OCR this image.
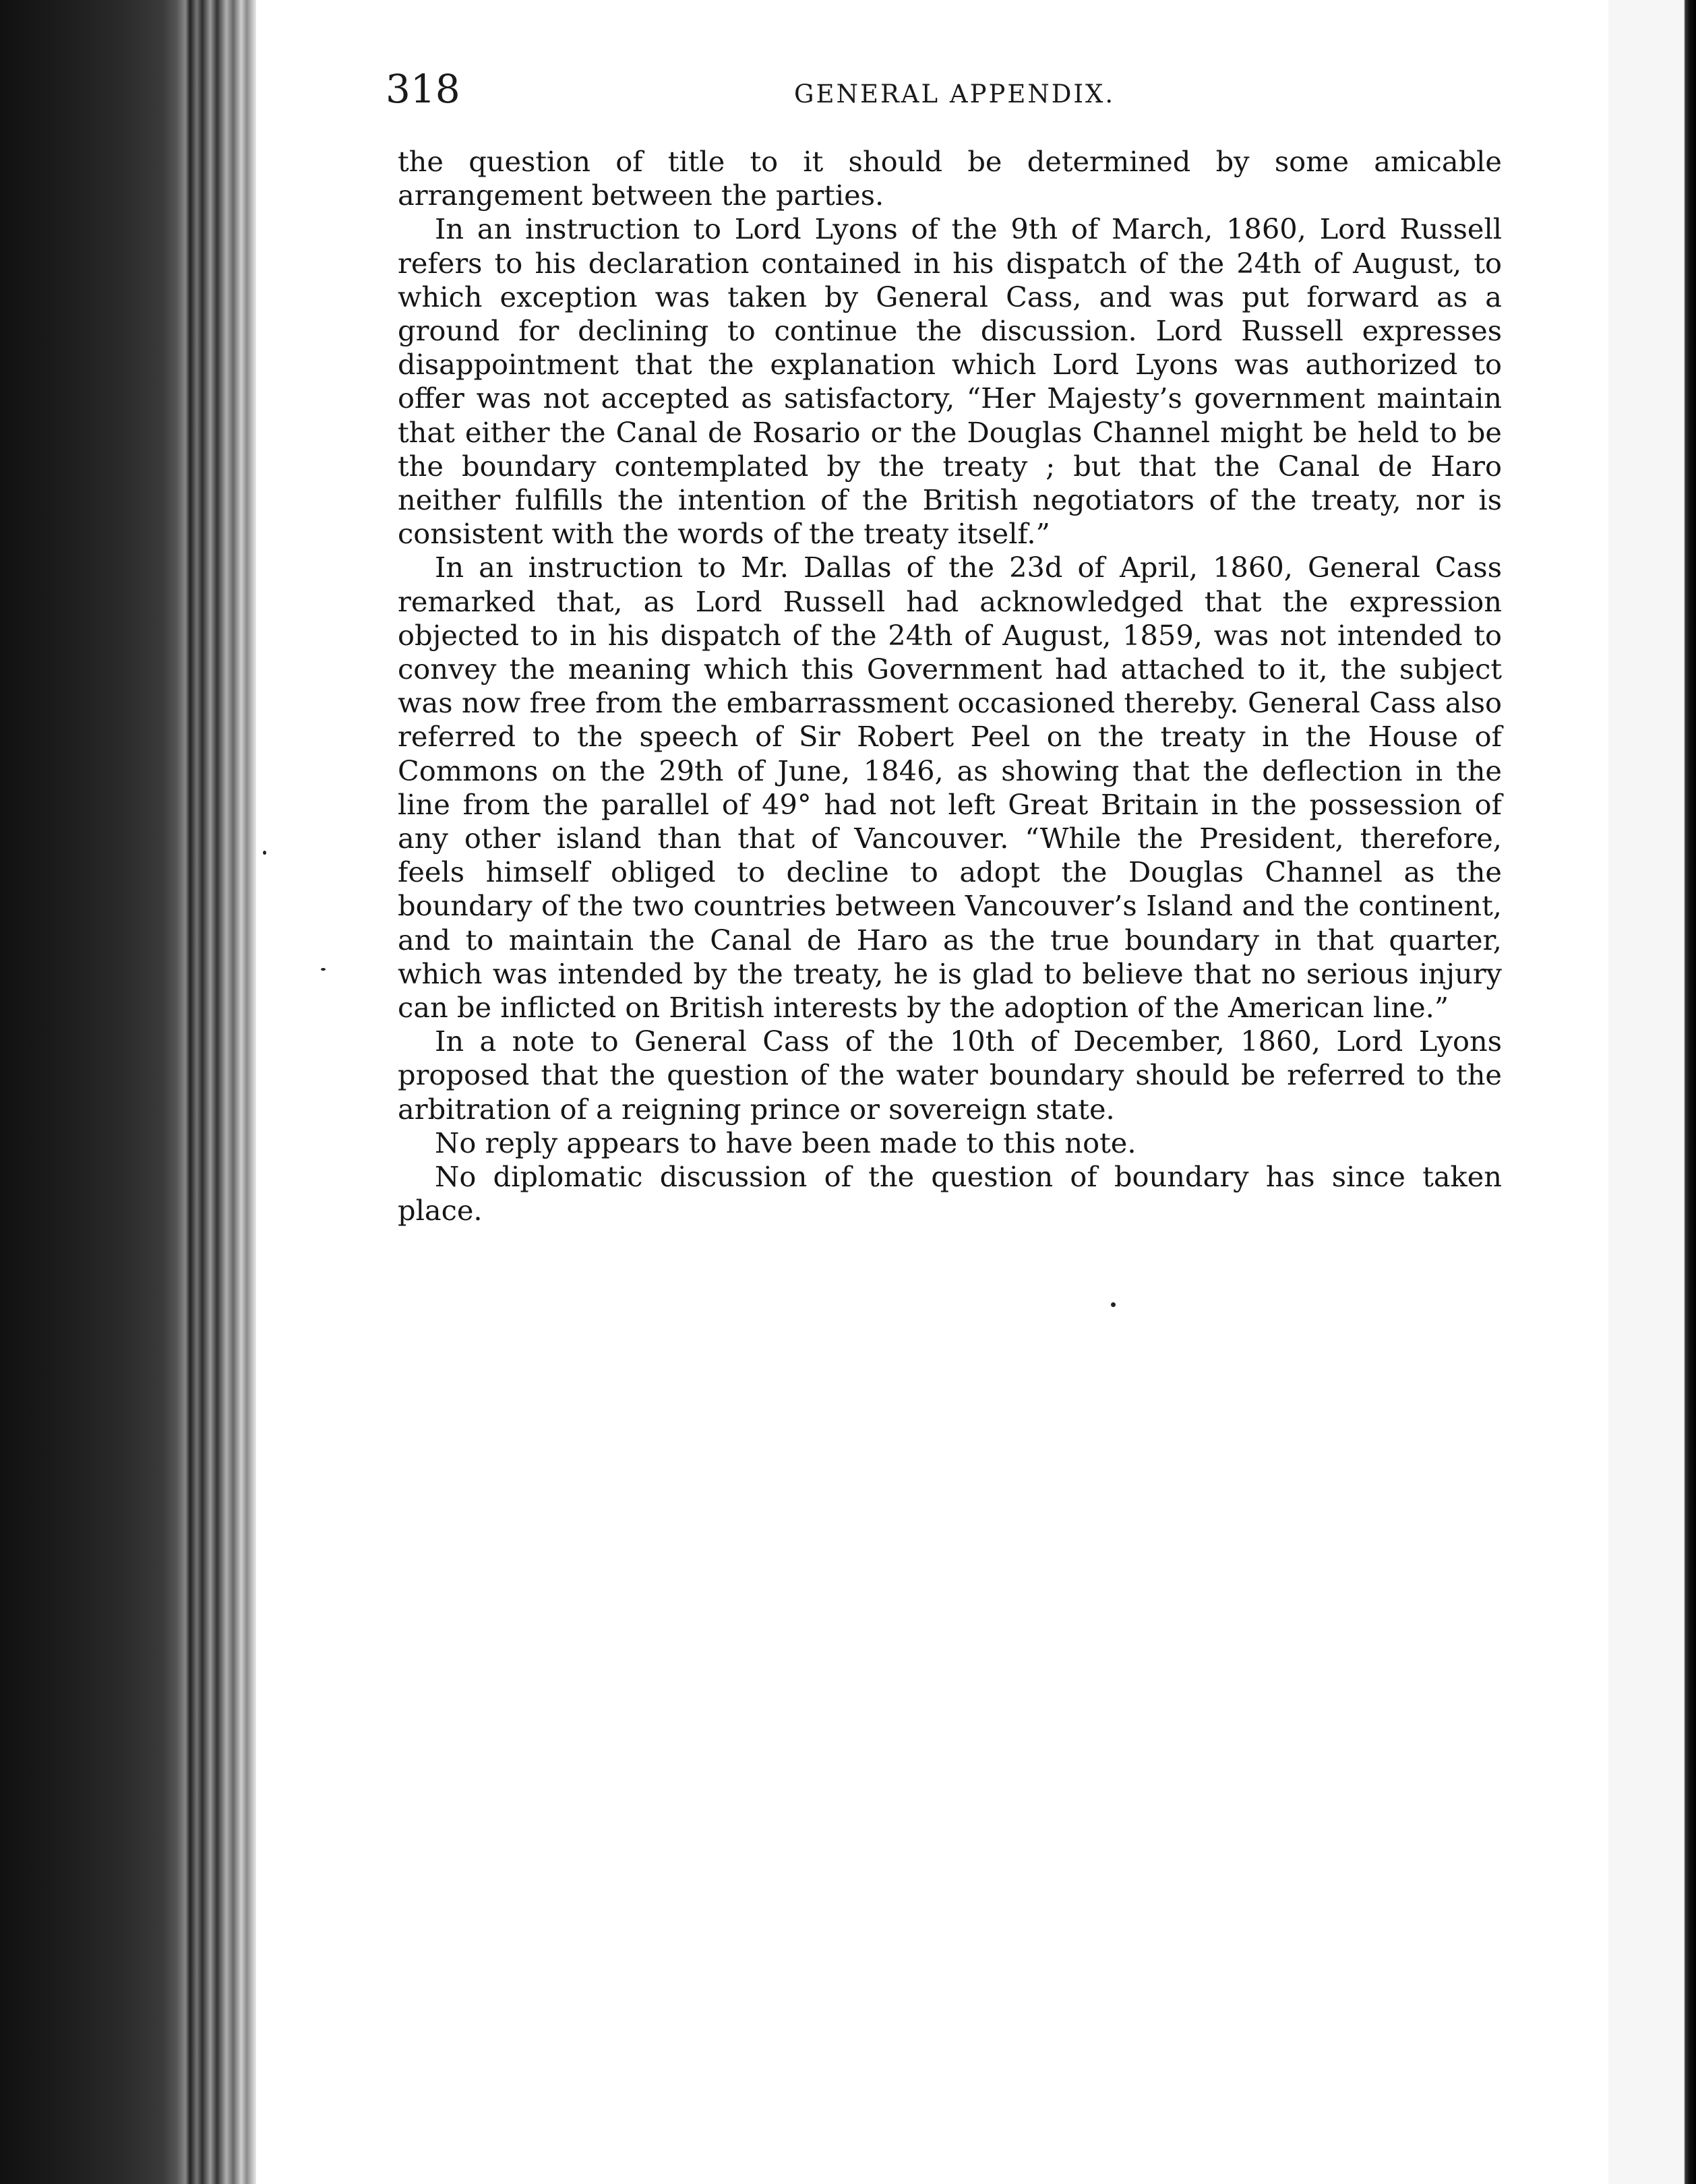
318	GENERAL APPENDIX.

the question of title to it should be determined by some amicable arrangement between the parties.

In an instruction to Lord Lyons of the 9th of March, 1860, Lord Russell refers to his declaration contained in his dispatch of the 24th of August, to which exception was taken by General Cass, and was put forward as a ground for declining to continue the discussion. Lord Russell expresses disappointment that the explanation which Lord Lyons was authorized to offer was not accepted as satisfactory, “Her Majesty’s government maintain that either the Canal de Rosario or the Douglas Channel might be held to be the boundary contemplated by the treaty ; but that the Canal de Haro neither fulfills the intention of the British negotiators of the treaty, nor is consistent with the words of the treaty itself.”

In an instruction to Mr. Dallas of the 23d of April, 1860, General Cass remarked that, as Lord Russell had acknowledged that the expression objected to in his dispatch of the 24th of August, 1859, was not intended to convey the meaning which this Government had attached to it, the subject was now free from the embarrassment occasioned thereby. General Cass also referred to the speech of Sir Robert Peel on the treaty in the House of Commons on the 29th of June, 1846, as showing that the deflection in the line from the parallel of 49° had not left Great Britain in the possession of any other island than that of Vancouver. “While the President, therefore, feels himself obliged to decline to adopt the Douglas Channel as the boundary of the two countries between Vancouver’s Island and the continent, and to maintain the Canal de Haro as the true boundary in that quarter, which was intended by the treaty, he is glad to believe that no serious injury can be inflicted on British interests by the adoption of the American line.”

In a note to General Cass of the 10th of December, 1860, Lord Lyons proposed that the question of the water boundary should be referred to the arbitration of a reigning prince or sovereign state.

No reply appears to have been made to this note.

No diplomatic discussion of the question of boundary has since taken place.
